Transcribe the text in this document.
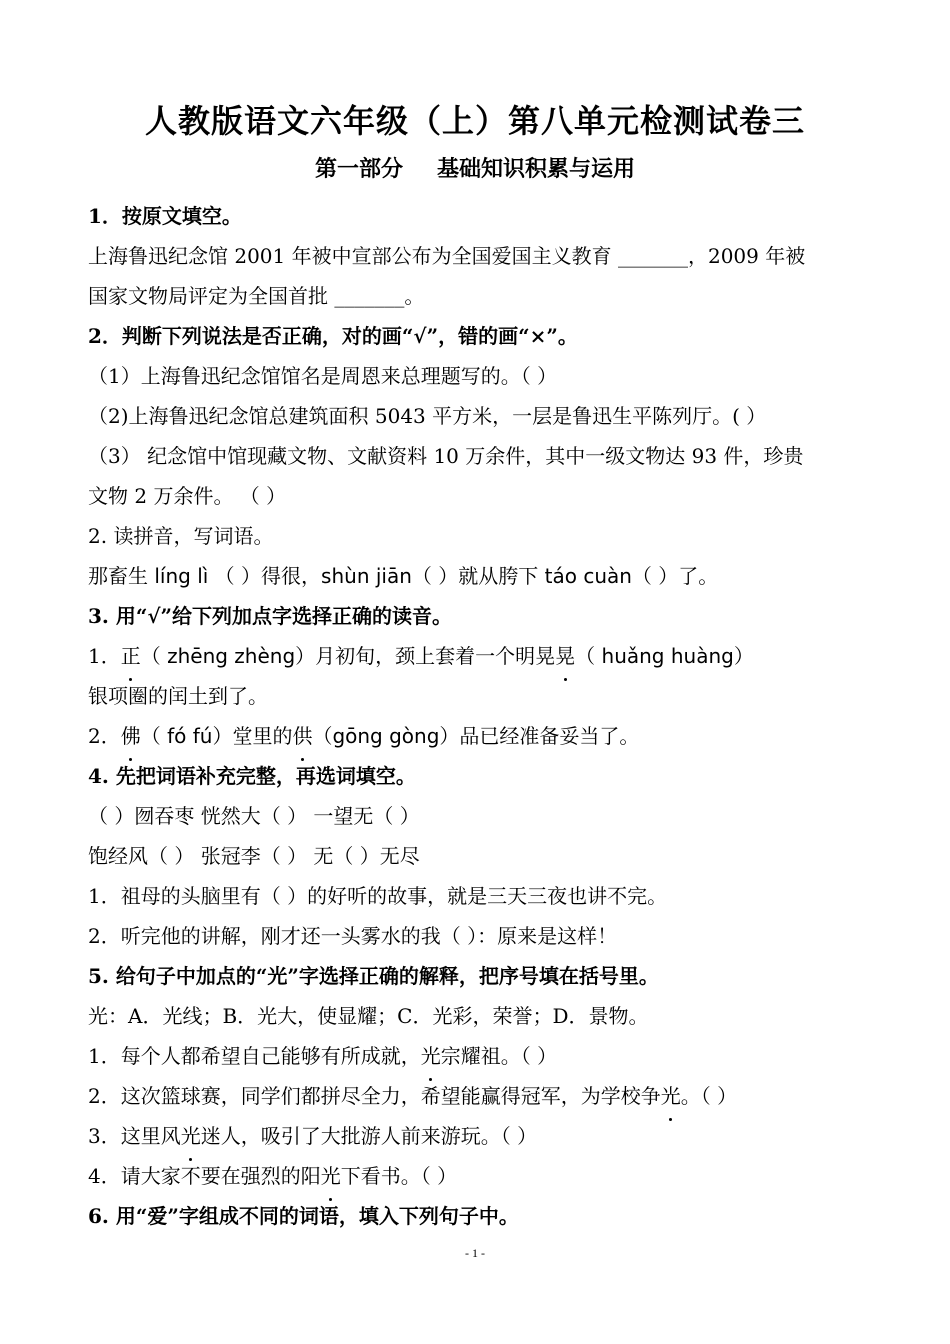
人教版语文六年级（上）第八单元检测试卷三
第一部分 基础知识积累与运用
1．按原文填空。
上海鲁迅纪念馆 2001 年被中宣部公布为全国爱国主义教育 _______，2009 年被
国家文物局评定为全国首批 _______。
2．判断下列说法是否正确，对的画“√”，错的画“×”。
（1）上海鲁迅纪念馆馆名是周恩来总理题写的。（ ）
（2)上海鲁迅纪念馆总建筑面积 5043 平方米，一层是鲁迅生平陈列厅。( ）
（3） 纪念馆中馆现藏文物、文献资料 10 万余件，其中一级文物达 93 件，珍贵
文物 2 万余件。 （ ）
2. 读拼音，写词语。
那畜生 líng lì （ ）得很，shùn jiān（ ）就从胯下 táo cuàn（ ）了。
3. 用“√”给下列加点字选择正确的读音。
1．正（ zhēng zhèng）月初旬，颈上套着一个明晃晃（ huǎng huàng）
银项圈的闰土到了。
2．佛（ fó fú）堂里的供（gōng gòng）品已经准备妥当了。
4. 先把词语补充完整，再选词填空。
（ ）囫吞枣 恍然大（ ） 一望无（ ）
饱经风（ ） 张冠李（ ） 无（ ）无尽
1．祖母的头脑里有（ ）的好听的故事，就是三天三夜也讲不完。
2．听完他的讲解，刚才还一头雾水的我（ ）：原来是这样！
5. 给句子中加点的“光”字选择正确的解释，把序号填在括号里。
光：A．光线；B．光大，使显耀；C．光彩，荣誉；D．景物。
1．每个人都希望自己能够有所成就，光宗耀祖。（ ）
2．这次篮球赛，同学们都拼尽全力，希望能赢得冠军，为学校争光。（ ）
3．这里风光迷人，吸引了大批游人前来游玩。（ ）
4．请大家不要在强烈的阳光下看书。（ ）
6. 用“爱”字组成不同的词语，填入下列句子中。
- 1 -
